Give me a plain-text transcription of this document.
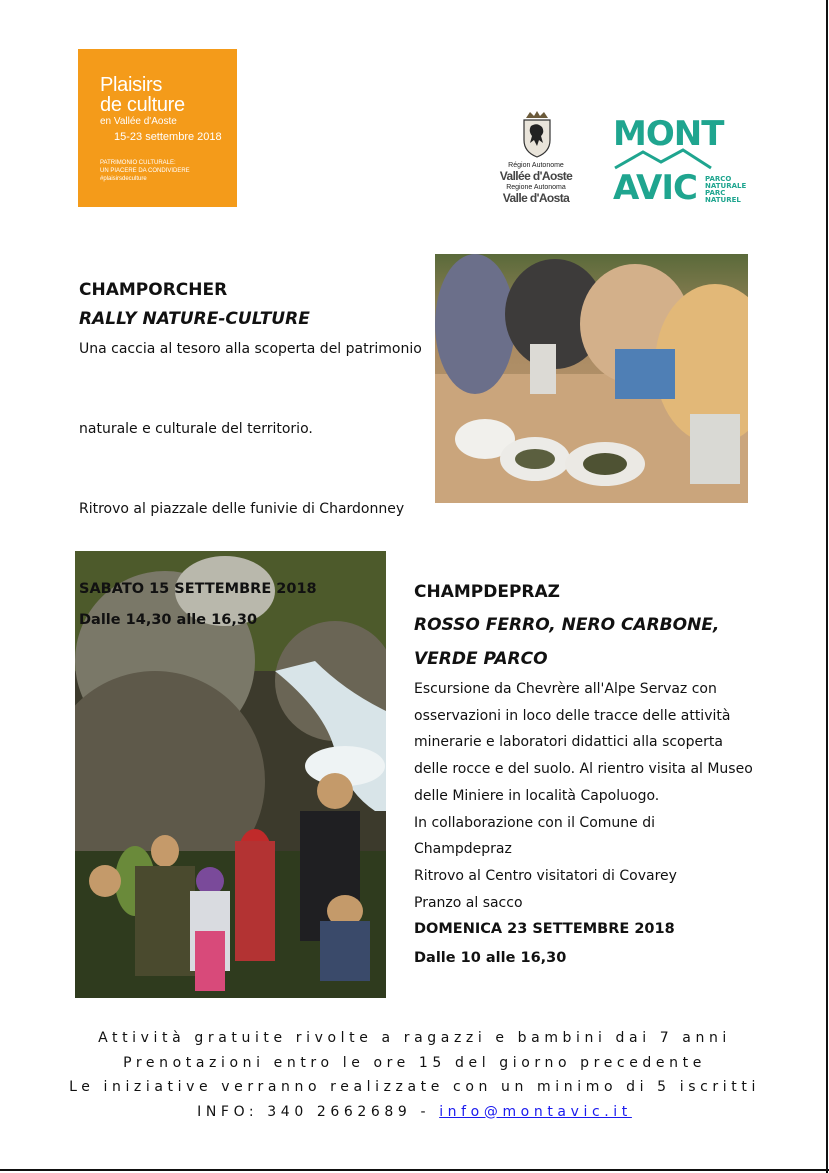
Plaisirs
de culture
en Vallée d'Aoste
15-23 settembre 2018
PATRIMONIO CULTURALE:
UN PIACERE DA CONDIVIDERE
#plaisirsdeculture
Région Autonome
Vallée d'Aoste
Regione Autonoma
Valle d'Aosta
MONT
AVIC PARCO
NATURALE
PARC
NATUREL

CHAMPORCHER

RALLY NATURE-CULTURE

Una caccia al tesoro alla scoperta del patrimonio

naturale e culturale del territorio.

Ritrovo al piazzale delle funivie di Chardonney

SABATO 15 SETTEMBRE 2018

Dalle 14,30 alle 16,30

CHAMPDEPRAZ

ROSSO FERRO, NERO CARBONE,

VERDE PARCO

Escursione da Chevrère all'Alpe Servaz con

osservazioni in loco delle tracce delle attività

minerarie e laboratori didattici alla scoperta

delle rocce e del suolo. Al rientro visita al Museo

delle Miniere in località Capoluogo.

In collaborazione con il Comune di

Champdepraz

Ritrovo al Centro visitatori di Covarey

Pranzo al sacco

DOMENICA 23 SETTEMBRE 2018

Dalle 10 alle 16,30

Attività gratuite rivolte a ragazzi e bambini dai 7 anni

Prenotazioni entro le ore 15 del giorno precedente

Le iniziative verranno realizzate con un minimo di 5 iscritti

INFO: 340 2662689 - info@montavic.it
